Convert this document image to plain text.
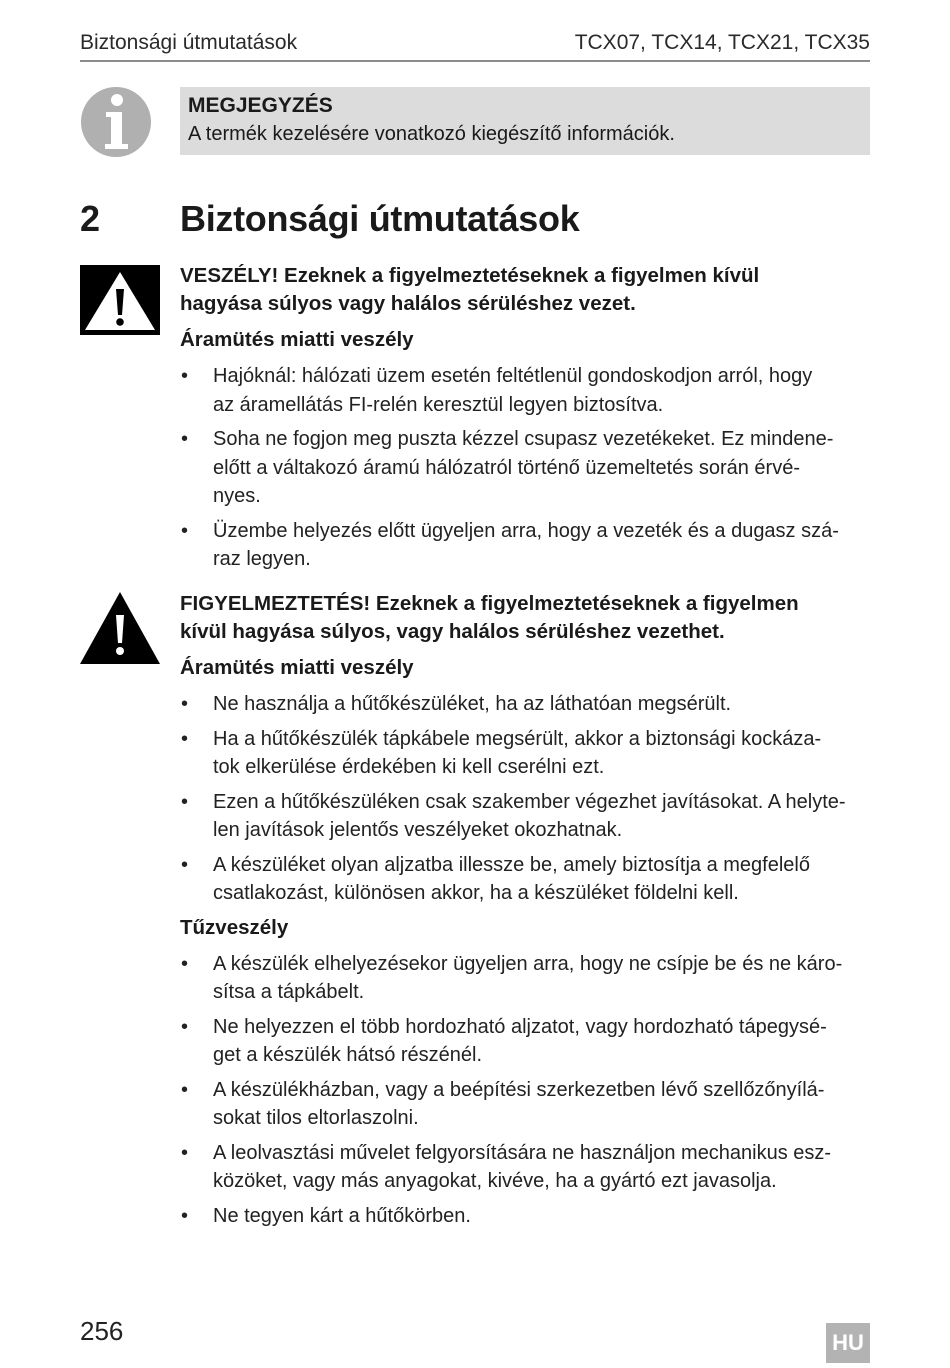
Biztonsági útmutatások	TCX07, TCX14, TCX21, TCX35
MEGJEGYZÉS
A termék kezelésére vonatkozó kiegészítő információk.
2 Biztonsági útmutatások
VESZÉLY! Ezeknek a figyelmeztetéseknek a figyelmen kívül
hagyása súlyos vagy halálos sérüléshez vezet.
Áramütés miatti veszély
• Hajóknál: hálózati üzem esetén feltétlenül gondoskodjon arról, hogy
az áramellátás FI-relén keresztül legyen biztosítva.
• Soha ne fogjon meg puszta kézzel csupasz vezetékeket. Ez mindene-
előtt a váltakozó áramú hálózatról történő üzemeltetés során érvé-
nyes.
• Üzembe helyezés előtt ügyeljen arra, hogy a vezeték és a dugasz szá-
raz legyen.
FIGYELMEZTETÉS! Ezeknek a figyelmeztetéseknek a figyelmen
kívül hagyása súlyos, vagy halálos sérüléshez vezethet.
Áramütés miatti veszély
• Ne használja a hűtőkészüléket, ha az láthatóan megsérült.
• Ha a hűtőkészülék tápkábele megsérült, akkor a biztonsági kockáza-
tok elkerülése érdekében ki kell cserélni ezt.
• Ezen a hűtőkészüléken csak szakember végezhet javításokat. A helyte-
len javítások jelentős veszélyeket okozhatnak.
• A készüléket olyan aljzatba illessze be, amely biztosítja a megfelelő
csatlakozást, különösen akkor, ha a készüléket földelni kell.
Tűzveszély
• A készülék elhelyezésekor ügyeljen arra, hogy ne csípje be és ne káro-
sítsa a tápkábelt.
• Ne helyezzen el több hordozható aljzatot, vagy hordozható tápegysé-
get a készülék hátsó részénél.
• A készülékházban, vagy a beépítési szerkezetben lévő szellőzőnyílá-
sokat tilos eltorlaszolni.
• A leolvasztási művelet felgyorsítására ne használjon mechanikus esz-
közöket, vagy más anyagokat, kivéve, ha a gyártó ezt javasolja.
• Ne tegyen kárt a hűtőkörben.
256	HU
